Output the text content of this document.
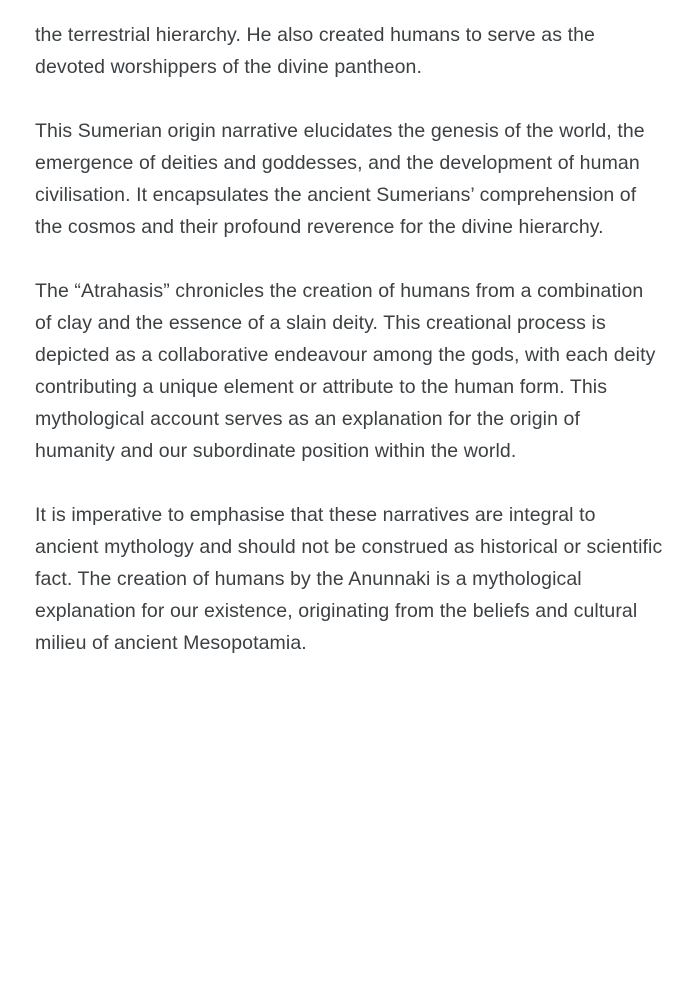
the terrestrial hierarchy. He also created humans to serve as the devoted worshippers of the divine pantheon.

This Sumerian origin narrative elucidates the genesis of the world, the emergence of deities and goddesses, and the development of human civilisation. It encapsulates the ancient Sumerians’ comprehension of the cosmos and their profound reverence for the divine hierarchy.

The “Atrahasis” chronicles the creation of humans from a combination of clay and the essence of a slain deity. This creational process is depicted as a collaborative endeavour among the gods, with each deity contributing a unique element or attribute to the human form. This mythological account serves as an explanation for the origin of humanity and our subordinate position within the world.

It is imperative to emphasise that these narratives are integral to ancient mythology and should not be construed as historical or scientific fact. The creation of humans by the Anunnaki is a mythological explanation for our existence, originating from the beliefs and cultural milieu of ancient Mesopotamia.
